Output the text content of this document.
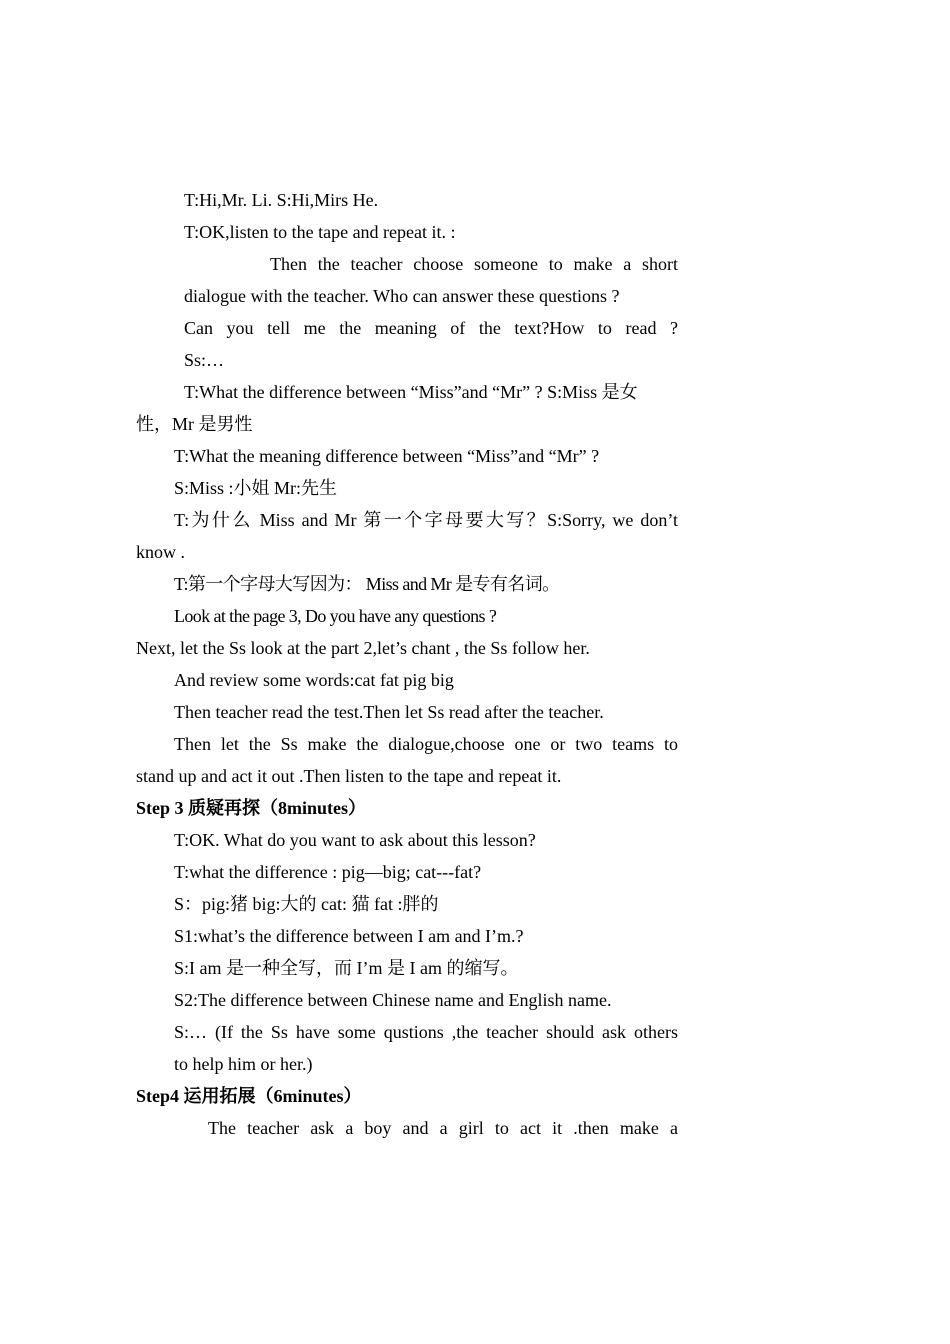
T:Hi,Mr. Li. S:Hi,Mirs He.
T:OK,listen to the tape and repeat it. :
Then the teacher choose someone to make a short
dialogue with the teacher. Who can answer these questions ?
Can you tell me the meaning of the text?How to read ?
Ss:…
T:What the difference between “Miss”and “Mr” ? S:Miss 是女
性，Mr 是男性
T:What the meaning difference between “Miss”and “Mr” ?
S:Miss :小姐 Mr:先生
T:为什么 Miss and Mr 第一个字母要大写？S:Sorry, we don’t
know .
T:第一个字母大写因为： Miss and Mr 是专有名词。
Look at the page 3, Do you have any questions ?
Next, let the Ss look at the part 2,let’s chant , the Ss follow her.
And review some words:cat fat pig big
Then teacher read the test.Then let Ss read after the teacher.
Then let the Ss make the dialogue,choose one or two teams to
stand up and act it out .Then listen to the tape and repeat it.
Step 3 质疑再探（8minutes）
T:OK. What do you want to ask about this lesson?
T:what the difference : pig—big; cat---fat?
S：pig:猪 big:大的 cat: 猫 fat :胖的
S1:what’s the difference between I am and I’m.?
S:I am 是一种全写，而 I’m 是 I am 的缩写。
S2:The difference between Chinese name and English name.
S:… (If the Ss have some qustions ,the teacher should ask others
to help him or her.)
Step4 运用拓展（6minutes）
The teacher ask a boy and a girl to act it .then make a
